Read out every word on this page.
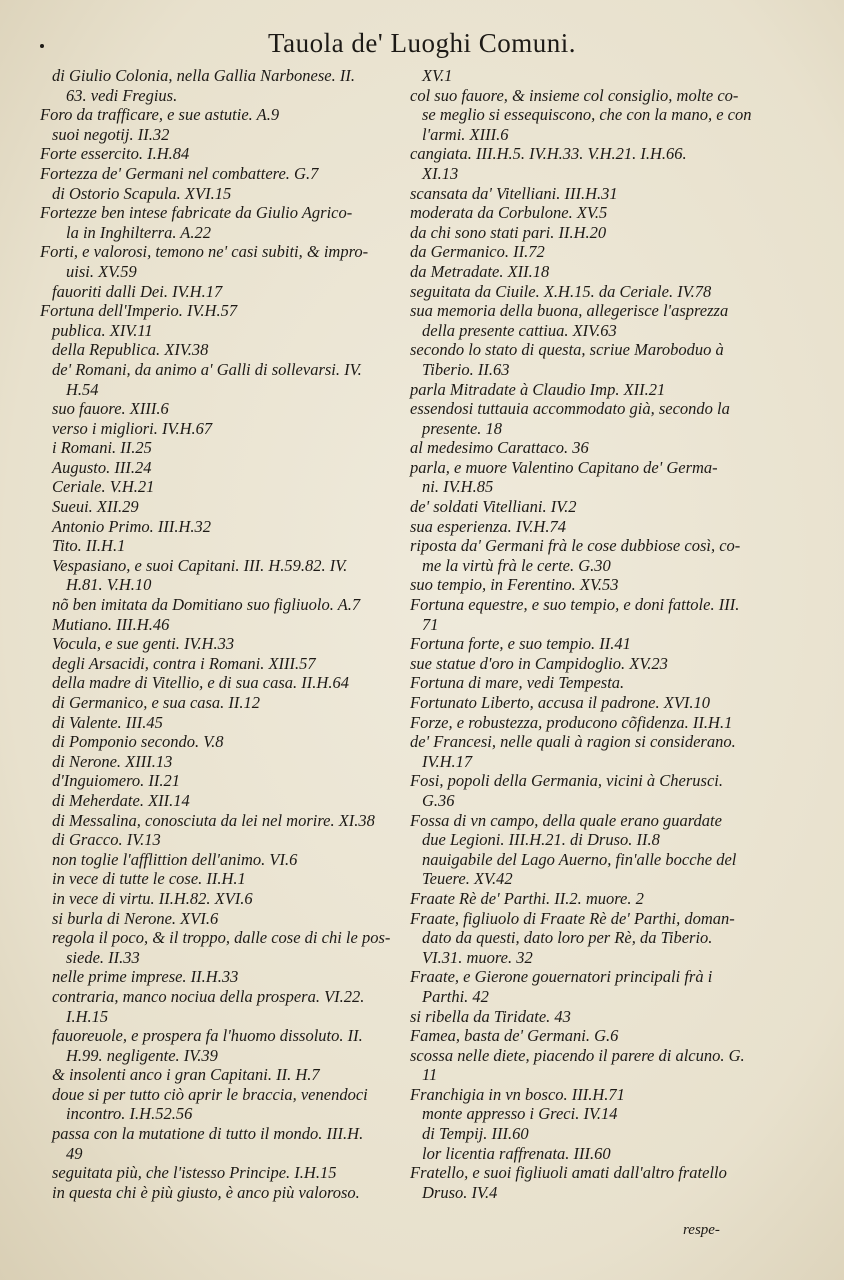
Tauola de' Luoghi Comuni.
di Giulio Colonia, nella Gallia Narbonese. II.
63. vedi Fregius.
Foro da trafficare, e sue astutie. A.9
suoi negotij. II.32
Forte essercito. I.H.84
Fortezza de' Germani nel combattere. G.7
di Ostorio Scapula. XVI.15
Fortezze ben intese fabricate da Giulio Agrico-
la in Inghilterra. A.22
Forti, e valorosi, temono ne' casi subiti, & impro-
uisi. XV.59
fauoriti dalli Dei. IV.H.17
Fortuna dell'Imperio. IV.H.57
publica. XIV.11
della Republica. XIV.38
de' Romani, da animo a' Galli di sollevarsi. IV.
H.54
suo fauore. XIII.6
verso i migliori. IV.H.67
i Romani. II.25
Augusto. III.24
Ceriale. V.H.21
Sueui. XII.29
Antonio Primo. III.H.32
Tito. II.H.1
Vespasiano, e suoi Capitani. III. H.59.82. IV.
H.81. V.H.10
nõ ben imitata da Domitiano suo figliuolo. A.7
Mutiano. III.H.46
Vocula, e sue genti. IV.H.33
degli Arsacidi, contra i Romani. XIII.57
della madre di Vitellio, e di sua casa. II.H.64
di Germanico, e sua casa. II.12
di Valente. III.45
di Pomponio secondo. V.8
di Nerone. XIII.13
d'Inguiomero. II.21
di Meherdate. XII.14
di Messalina, conosciuta da lei nel morire. XI.38
di Gracco. IV.13
non toglie l'afflittion dell'animo. VI.6
in vece di tutte le cose. II.H.1
in vece di virtu. II.H.82. XVI.6
si burla di Nerone. XVI.6
regola il poco, & il troppo, dalle cose di chi le pos-
siede. II.33
nelle prime imprese. II.H.33
contraria, manco nociua della prospera. VI.22.
I.H.15
fauoreuole, e prospera fa l'huomo dissoluto. II.
H.99. negligente. IV.39
& insolenti anco i gran Capitani. II. H.7
doue si per tutto ciò aprir le braccia, venendoci
incontro. I.H.52.56
passa con la mutatione di tutto il mondo. III.H.
49
seguitata più, che l'istesso Principe. I.H.15
in questa chi è più giusto, è anco più valoroso.
XV.1
col suo fauore, & insieme col consiglio, molte co-
se meglio si essequiscono, che con la mano, e con
l'armi. XIII.6
cangiata. III.H.5. IV.H.33. V.H.21. I.H.66.
XI.13
scansata da' Vitelliani. III.H.31
moderata da Corbulone. XV.5
da chi sono stati pari. II.H.20
da Germanico. II.72
da Metradate. XII.18
seguitata da Ciuile. X.H.15. da Ceriale. IV.78
sua memoria della buona, allegerisce l'asprezza
della presente cattiua. XIV.63
secondo lo stato di questa, scriue Maroboduo à
Tiberio. II.63
parla Mitradate à Claudio Imp. XII.21
essendosi tuttauia accommodato già, secondo la
presente. 18
al medesimo Carattaco. 36
parla, e muore Valentino Capitano de' Germa-
ni. IV.H.85
de' soldati Vitelliani. IV.2
sua esperienza. IV.H.74
riposta da' Germani frà le cose dubbiose così, co-
me la virtù frà le certe. G.30
suo tempio, in Ferentino. XV.53
Fortuna equestre, e suo tempio, e doni fattole. III.
71
Fortuna forte, e suo tempio. II.41
sue statue d'oro in Campidoglio. XV.23
Fortuna di mare, vedi Tempesta.
Fortunato Liberto, accusa il padrone. XVI.10
Forze, e robustezza, producono cõfidenza. II.H.1
de' Francesi, nelle quali à ragion si considerano.
IV.H.17
Fosi, popoli della Germania, vicini à Cherusci.
G.36
Fossa di vn campo, della quale erano guardate
due Legioni. III.H.21. di Druso. II.8
nauigabile del Lago Auerno, fin'alle bocche del
Teuere. XV.42
Fraate Rè de' Parthi. II.2. muore. 2
Fraate, figliuolo di Fraate Rè de' Parthi, doman-
dato da questi, dato loro per Rè, da Tiberio.
VI.31. muore. 32
Fraate, e Gierone gouernatori principali frà i
Parthi. 42
si ribella da Tiridate. 43
Famea, basta de' Germani. G.6
scossa nelle diete, piacendo il parere di alcuno. G.
11
Franchigia in vn bosco. III.H.71
monte appresso i Greci. IV.14
di Tempij. III.60
lor licentia raffrenata. III.60
Fratello, e suoi figliuoli amati dall'altro fratello
Druso. IV.4
respe-
